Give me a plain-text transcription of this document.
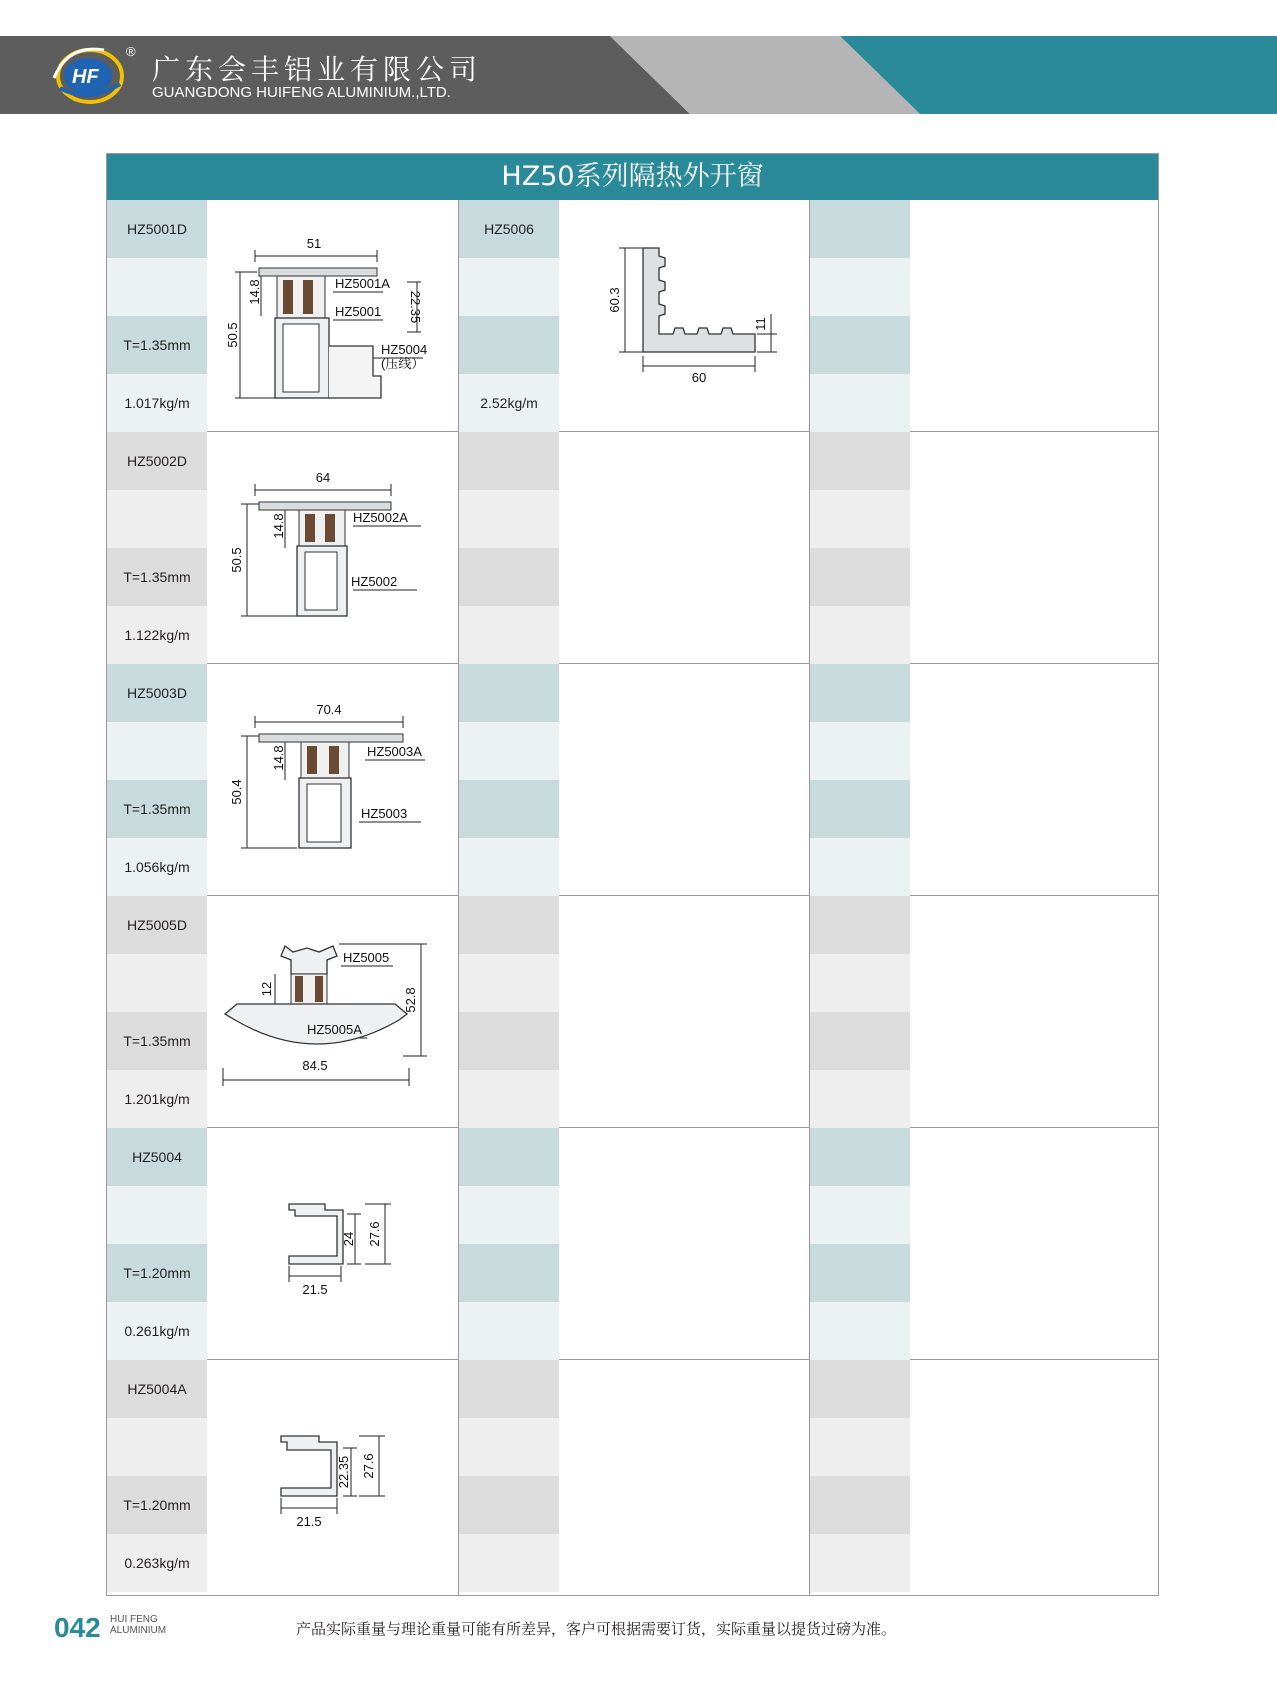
HF
®
广东会丰铝业有限公司
GUANGDONG HUIFENG ALUMINIUM.,LTD.
HZ50系列隔热外开窗
HZ5001D
T=1.35mm
1.017kg/m
51
50.5
14.8	22.35
HZ5001A
HZ5001
HZ5004
(压线）
HZ5002D
T=1.35mm
1.122kg/m
64
50.5
14.8	HZ5002A
HZ5002
HZ5003D
T=1.35mm
1.056kg/m
70.4
50.4
14.8	HZ5003A
HZ5003
HZ5005D
T=1.35mm
1.201kg/m
84.5
52.8
12
HZ5005
HZ5005A
HZ5004
T=1.20mm
0.261kg/m
21.5
24 27.6
HZ5004A
T=1.20mm
0.263kg/m
21.5
22.35 27.6
HZ5006
2.52kg/m
60.3
60
11
042 HUI FENG
ALUMINIUM	产品实际重量与理论重量可能有所差异，客户可根据需要订货，实际重量以提货过磅为准。
